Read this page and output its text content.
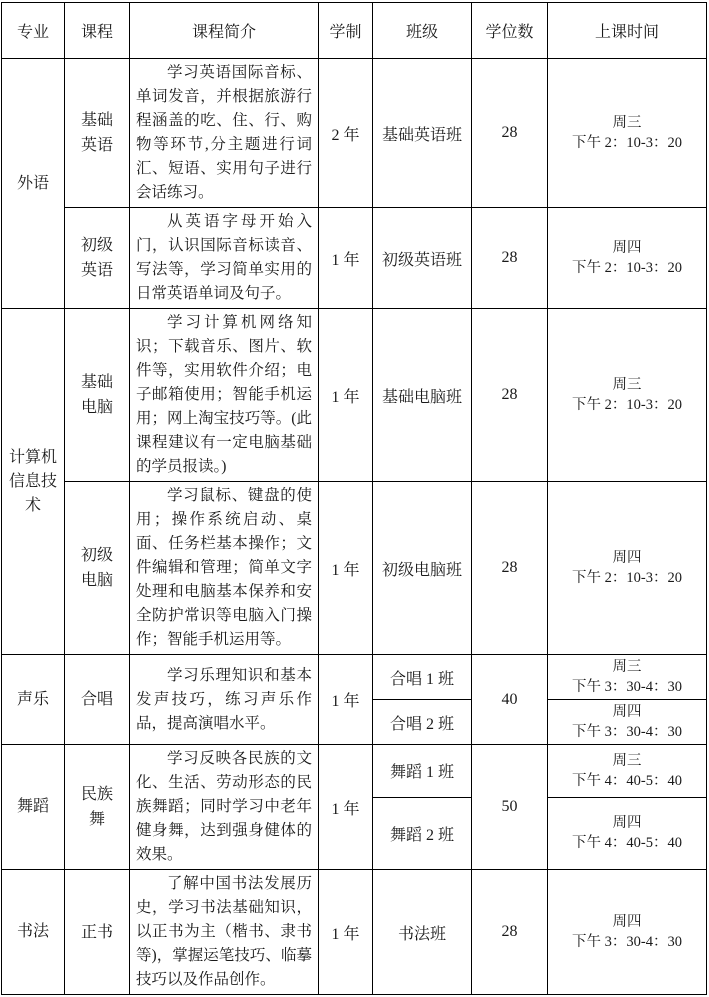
专业	课程	课程简介	学制	班级	学位数	上课时间
外语	基础英语	学习英语国际音标、单词发音，并根据旅游行程涵盖的吃、住、行、购物等环节,分主题进行词汇、短语、实用句子进行会话练习。	2 年	基础英语班	28	周三
下午 2：10-3：20

	初级英语	从英语字母开始入门，认识国际音标读音、写法等，学习简单实用的日常英语单词及句子。	1 年	初级英语班	28	周四
下午 2：10-3：20

计算机信息技术	基础电脑	学习计算机网络知识；下载音乐、图片、软件等，实用软件介绍；电子邮箱使用；智能手机运用；网上淘宝技巧等。(此课程建议有一定电脑基础的学员报读。)	1 年	基础电脑班	28	周三
下午 2：10-3：20

	初级电脑	学习鼠标、键盘的使用；操作系统启动、桌面、任务栏基本操作；文件编辑和管理；简单文字处理和电脑基本保养和安全防护常识等电脑入门操作；智能手机运用等。	1 年	初级电脑班	28	周四
下午 2：10-3：20

声乐	合唱	学习乐理知识和基本发声技巧，练习声乐作品，提高演唱水平。	1 年	合唱 1 班	40	周三
下午 3：30-4：30

				合唱 2 班		周四
下午 3：30-4：30

舞蹈	民族舞	学习反映各民族的文化、生活、劳动形态的民族舞蹈；同时学习中老年健身舞，达到强身健体的效果。	1 年	舞蹈 1 班	50	周三
下午 4：40-5：40

				舞蹈 2 班		周四
下午 4：40-5：40

书法	正书	了解中国书法发展历史，学习书法基础知识，以正书为主（楷书、隶书等)，掌握运笔技巧、临摹技巧以及作品创作。	1 年	书法班	28	周四
下午 3：30-4：30
